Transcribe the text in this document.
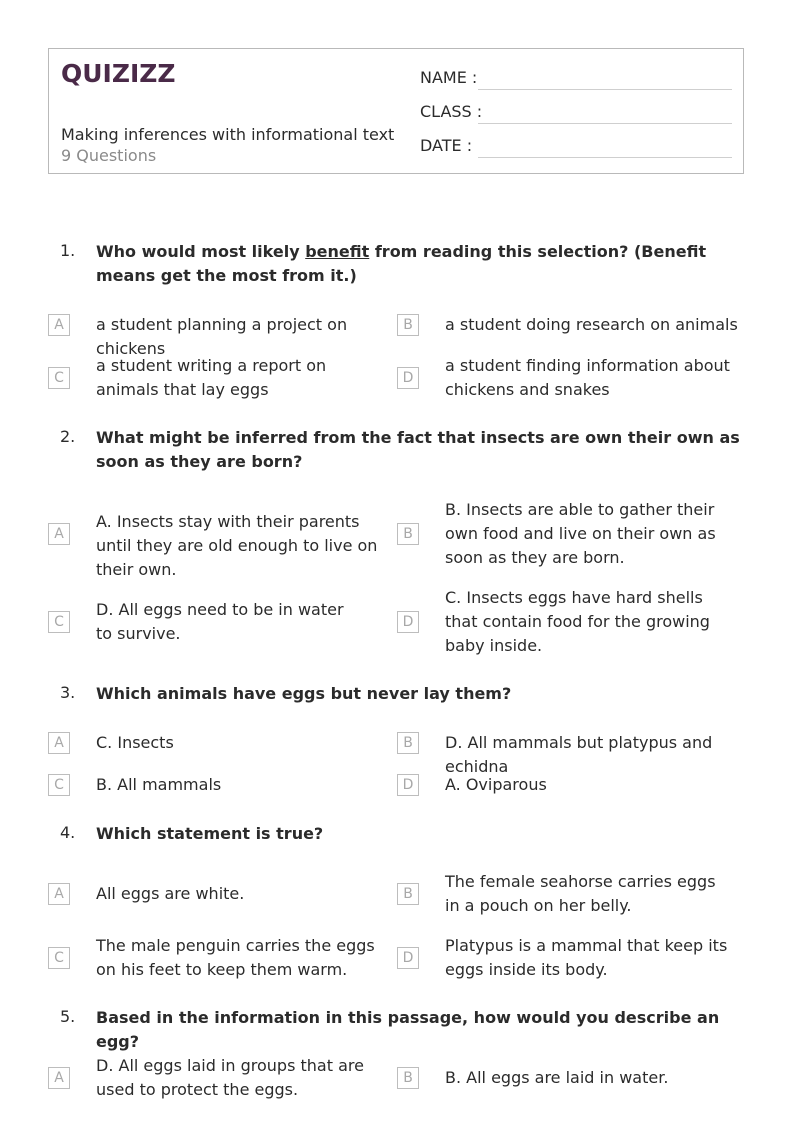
QUIZIZZ
Making inferences with informational text
9 Questions
NAME :
CLASS :
DATE :
1. Who would most likely benefit from reading this selection? (Benefit means get the most from it.)
A	a student planning a project on chickens
B	a student doing research on animals
C
a student writing a report on animals that lay eggs
D
a student finding information about chickens and snakes
2. What might be inferred from the fact that insects are own their own as soon as they are born?
A
A. Insects stay with their parents until they are old enough to live on their own.
B
B. Insects are able to gather their own food and live on their own as soon as they are born.
C
D. All eggs need to be in water to survive.
D
C. Insects eggs have hard shells that contain food for the growing baby inside.
3. Which animals have eggs but never lay them?
A	C. Insects	B	D. All mammals but platypus and echidna
C	B. All mammals	D	A. Oviparous
4. Which statement is true?
A	All eggs are white.	B
The female seahorse carries eggs in a pouch on her belly.
C
The male penguin carries the eggs on his feet to keep them warm.
D
Platypus is a mammal that keep its eggs inside its body.
5. Based in the information in this passage, how would you describe an egg?
A
D. All eggs laid in groups that are used to protect the eggs.
B	B. All eggs are laid in water.
